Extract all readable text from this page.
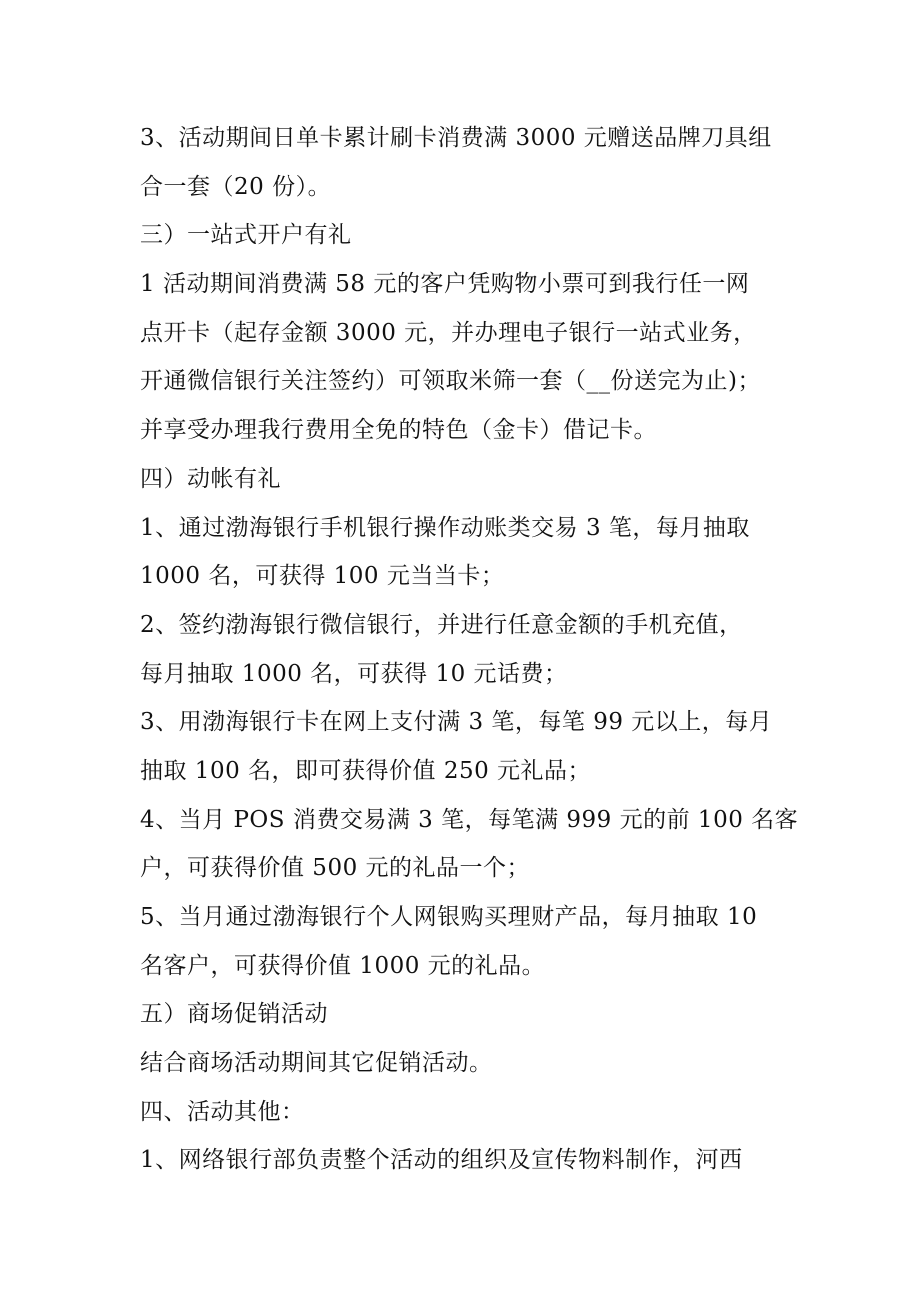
3、活动期间日单卡累计刷卡消费满 3000 元赠送品牌刀具组
合一套（20 份）。
三）一站式开户有礼
1 活动期间消费满 58 元的客户凭购物小票可到我行任一网
点开卡（起存金额 3000 元，并办理电子银行一站式业务，
开通微信银行关注签约）可领取米筛一套（__份送完为止)；
并享受办理我行费用全免的特色（金卡）借记卡。
四）动帐有礼
1、通过渤海银行手机银行操作动账类交易 3 笔，每月抽取
1000 名，可获得 100 元当当卡；
2、签约渤海银行微信银行，并进行任意金额的手机充值，
每月抽取 1000 名，可获得 10 元话费；
3、用渤海银行卡在网上支付满 3 笔，每笔 99 元以上，每月
抽取 100 名，即可获得价值 250 元礼品；
4、当月 POS 消费交易满 3 笔，每笔满 999 元的前 100 名客
户，可获得价值 500 元的礼品一个；
5、当月通过渤海银行个人网银购买理财产品，每月抽取 10
名客户，可获得价值 1000 元的礼品。
五）商场促销活动
结合商场活动期间其它促销活动。
四、活动其他：
1、网络银行部负责整个活动的组织及宣传物料制作，河西
